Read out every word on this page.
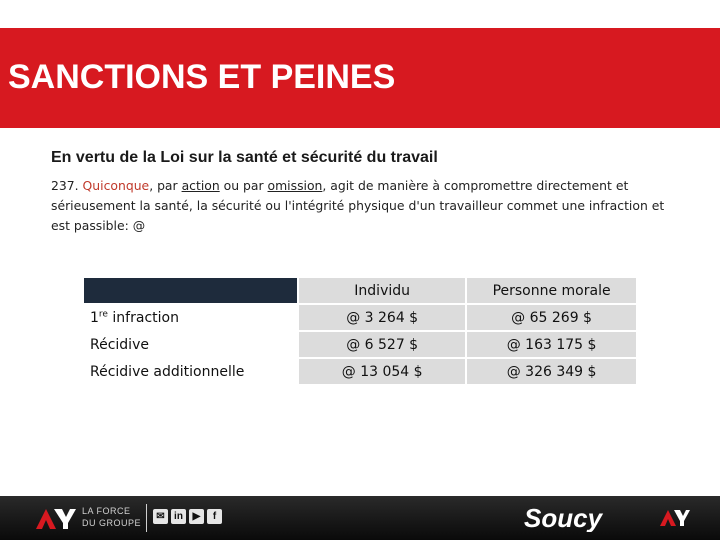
SANCTIONS ET PEINES
En vertu de la Loi sur la santé et sécurité du travail
237. Quiconque, par action ou par omission, agit de manière à compromettre directement et sérieusement la santé, la sécurité ou l'intégrité physique d'un travailleur commet une infraction et est passible: @
	Individu	Personne morale
1re infraction	@ 3 264 $	@ 65 269 $
Récidive	@ 6 527 $	@ 163 175 $
Récidive additionnelle	@ 13 054 $	@ 326 349 $
LA FORCE
DU GROUPE
✉ in ▶	f	Soucy
